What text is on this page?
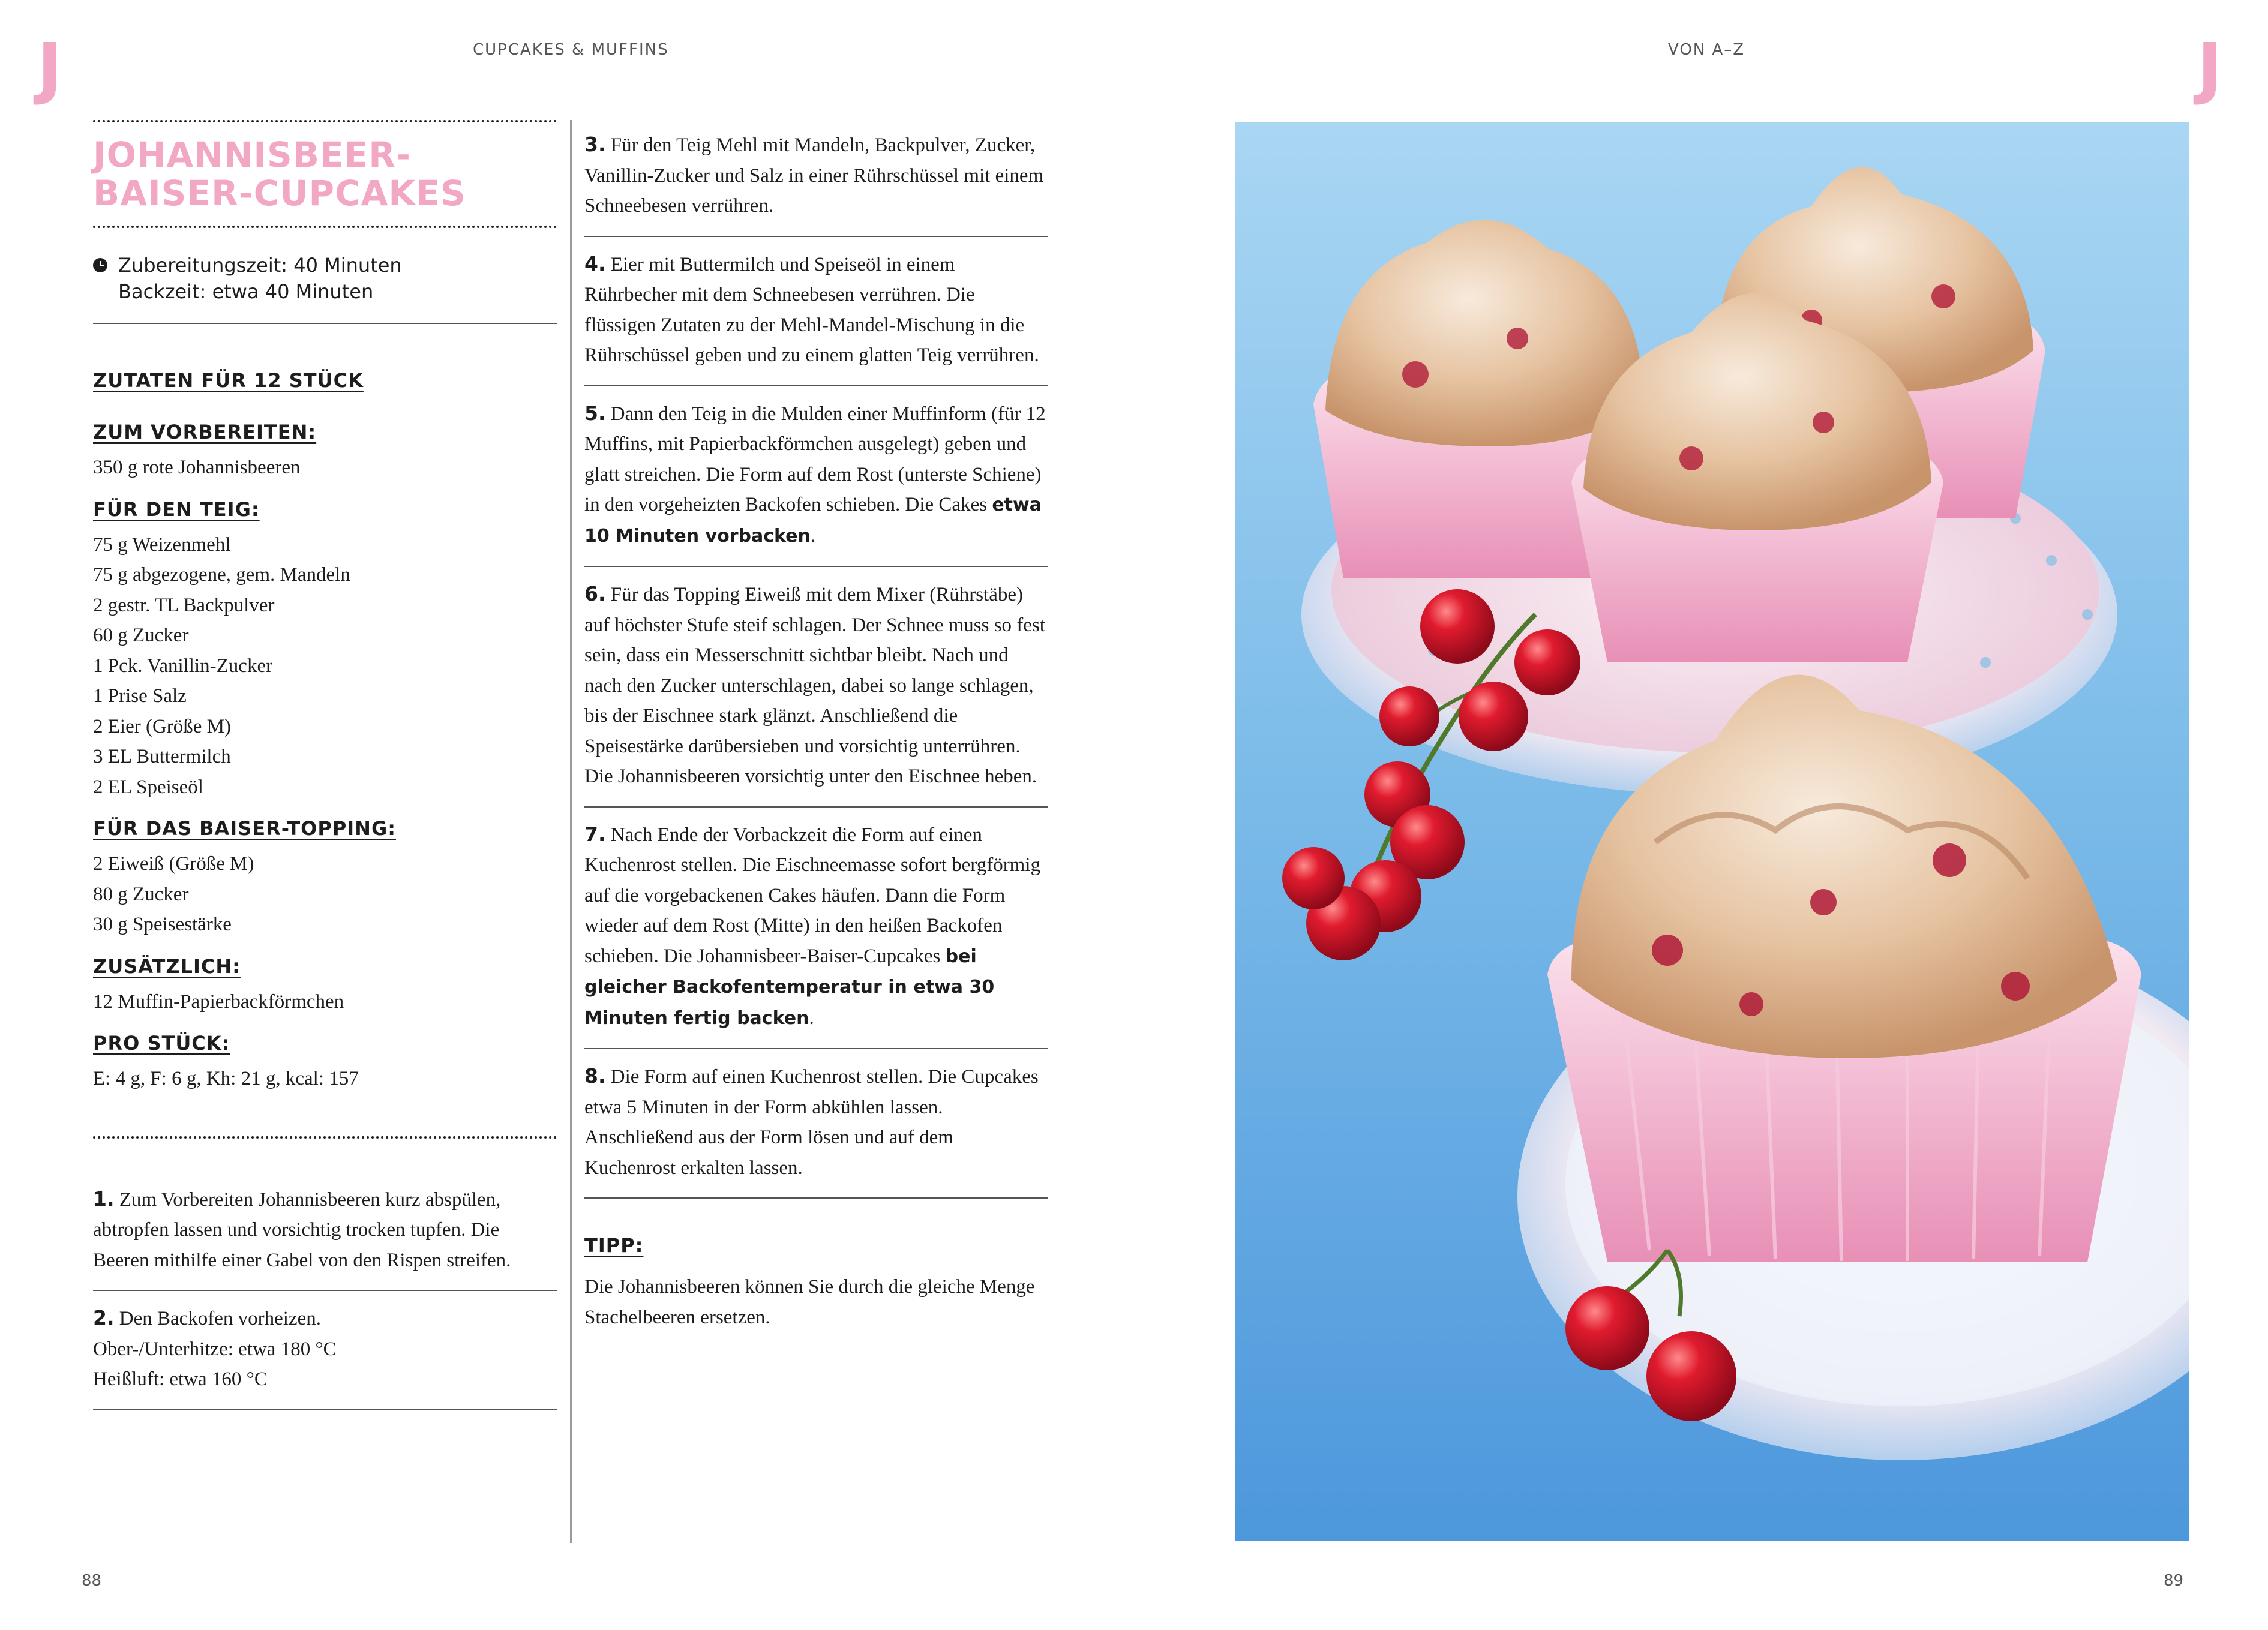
J	J
CUPCAKES & MUFFINS	VON A–Z
JOHANNISBEER-
BAISER-CUPCAKES
Zubereitungszeit: 40 Minuten
Backzeit: etwa 40 Minuten
ZUTATEN FÜR 12 STÜCK
ZUM VORBEREITEN:
350 g rote Johannisbeeren
FÜR DEN TEIG:
75 g Weizenmehl
75 g abgezogene, gem. Mandeln
2 gestr. TL Backpulver
60 g Zucker
1 Pck. Vanillin-Zucker
1 Prise Salz
2 Eier (Größe M)
3 EL Buttermilch
2 EL Speiseöl
FÜR DAS BAISER-TOPPING:
2 Eiweiß (Größe M)
80 g Zucker
30 g Speisestärke
ZUSÄTZLICH:
12 Muffin-Papierbackförmchen
PRO STÜCK:
E: 4 g, F: 6 g, Kh: 21 g, kcal: 157
1. Zum Vorbereiten Johannisbeeren kurz abspülen, abtropfen lassen und vorsichtig trocken tupfen. Die Beeren mithilfe einer Gabel von den Rispen streifen.
2. Den Backofen vorheizen.
Ober-/Unterhitze: etwa 180 °C
Heißluft: etwa 160 °C
3. Für den Teig Mehl mit Mandeln, Backpulver, Zucker, Vanillin-Zucker und Salz in einer Rührschüssel mit einem Schneebesen verrühren.
4. Eier mit Buttermilch und Speiseöl in einem Rührbecher mit dem Schneebesen verrühren. Die flüssigen Zutaten zu der Mehl-Mandel-Mischung in die Rührschüssel geben und zu einem glatten Teig verrühren.
5. Dann den Teig in die Mulden einer Muffinform (für 12 Muffins, mit Papierbackförmchen ausgelegt) geben und glatt streichen. Die Form auf dem Rost (unterste Schiene) in den vorgeheizten Backofen schieben. Die Cakes etwa 10 Minuten vorbacken.
6. Für das Topping Eiweiß mit dem Mixer (Rührstäbe) auf höchster Stufe steif schlagen. Der Schnee muss so fest sein, dass ein Messerschnitt sichtbar bleibt. Nach und nach den Zucker unterschlagen, dabei so lange schlagen, bis der Eischnee stark glänzt. Anschließend die Speisestärke darübersieben und vorsichtig unterrühren. Die Johannisbeeren vorsichtig unter den Eischnee heben.
7. Nach Ende der Vorbackzeit die Form auf einen Kuchenrost stellen. Die Eischneemasse sofort bergförmig auf die vorgebackenen Cakes häufen. Dann die Form wieder auf dem Rost (Mitte) in den heißen Backofen schieben. Die Johannisbeer-Baiser-Cupcakes bei gleicher Backofentemperatur in etwa 30 Minuten fertig backen.
8. Die Form auf einen Kuchenrost stellen. Die Cupcakes etwa 5 Minuten in der Form abkühlen lassen. Anschließend aus der Form lösen und auf dem Kuchenrost erkalten lassen.
TIPP:
Die Johannisbeeren können Sie durch die gleiche Menge Stachelbeeren ersetzen.
88	89
